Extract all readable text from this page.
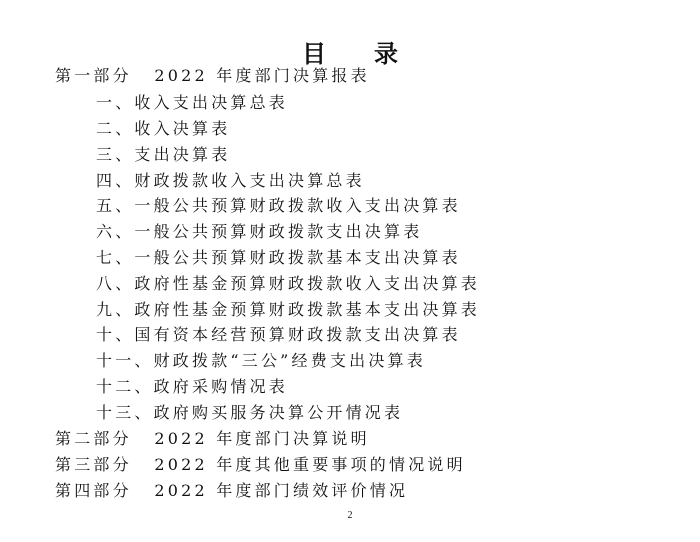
目 录
第一部分 2022 年度部门决算报表
一、收入支出决算总表
二、收入决算表
三、支出决算表
四、财政拨款收入支出决算总表
五、一般公共预算财政拨款收入支出决算表
六、一般公共预算财政拨款支出决算表
七、一般公共预算财政拨款基本支出决算表
八、政府性基金预算财政拨款收入支出决算表
九、政府性基金预算财政拨款基本支出决算表
十、国有资本经营预算财政拨款支出决算表
十一、财政拨款“三公”经费支出决算表
十二、政府采购情况表
十三、政府购买服务决算公开情况表
第二部分 2022 年度部门决算说明
第三部分 2022 年度其他重要事项的情况说明
第四部分 2022 年度部门绩效评价情况
2
